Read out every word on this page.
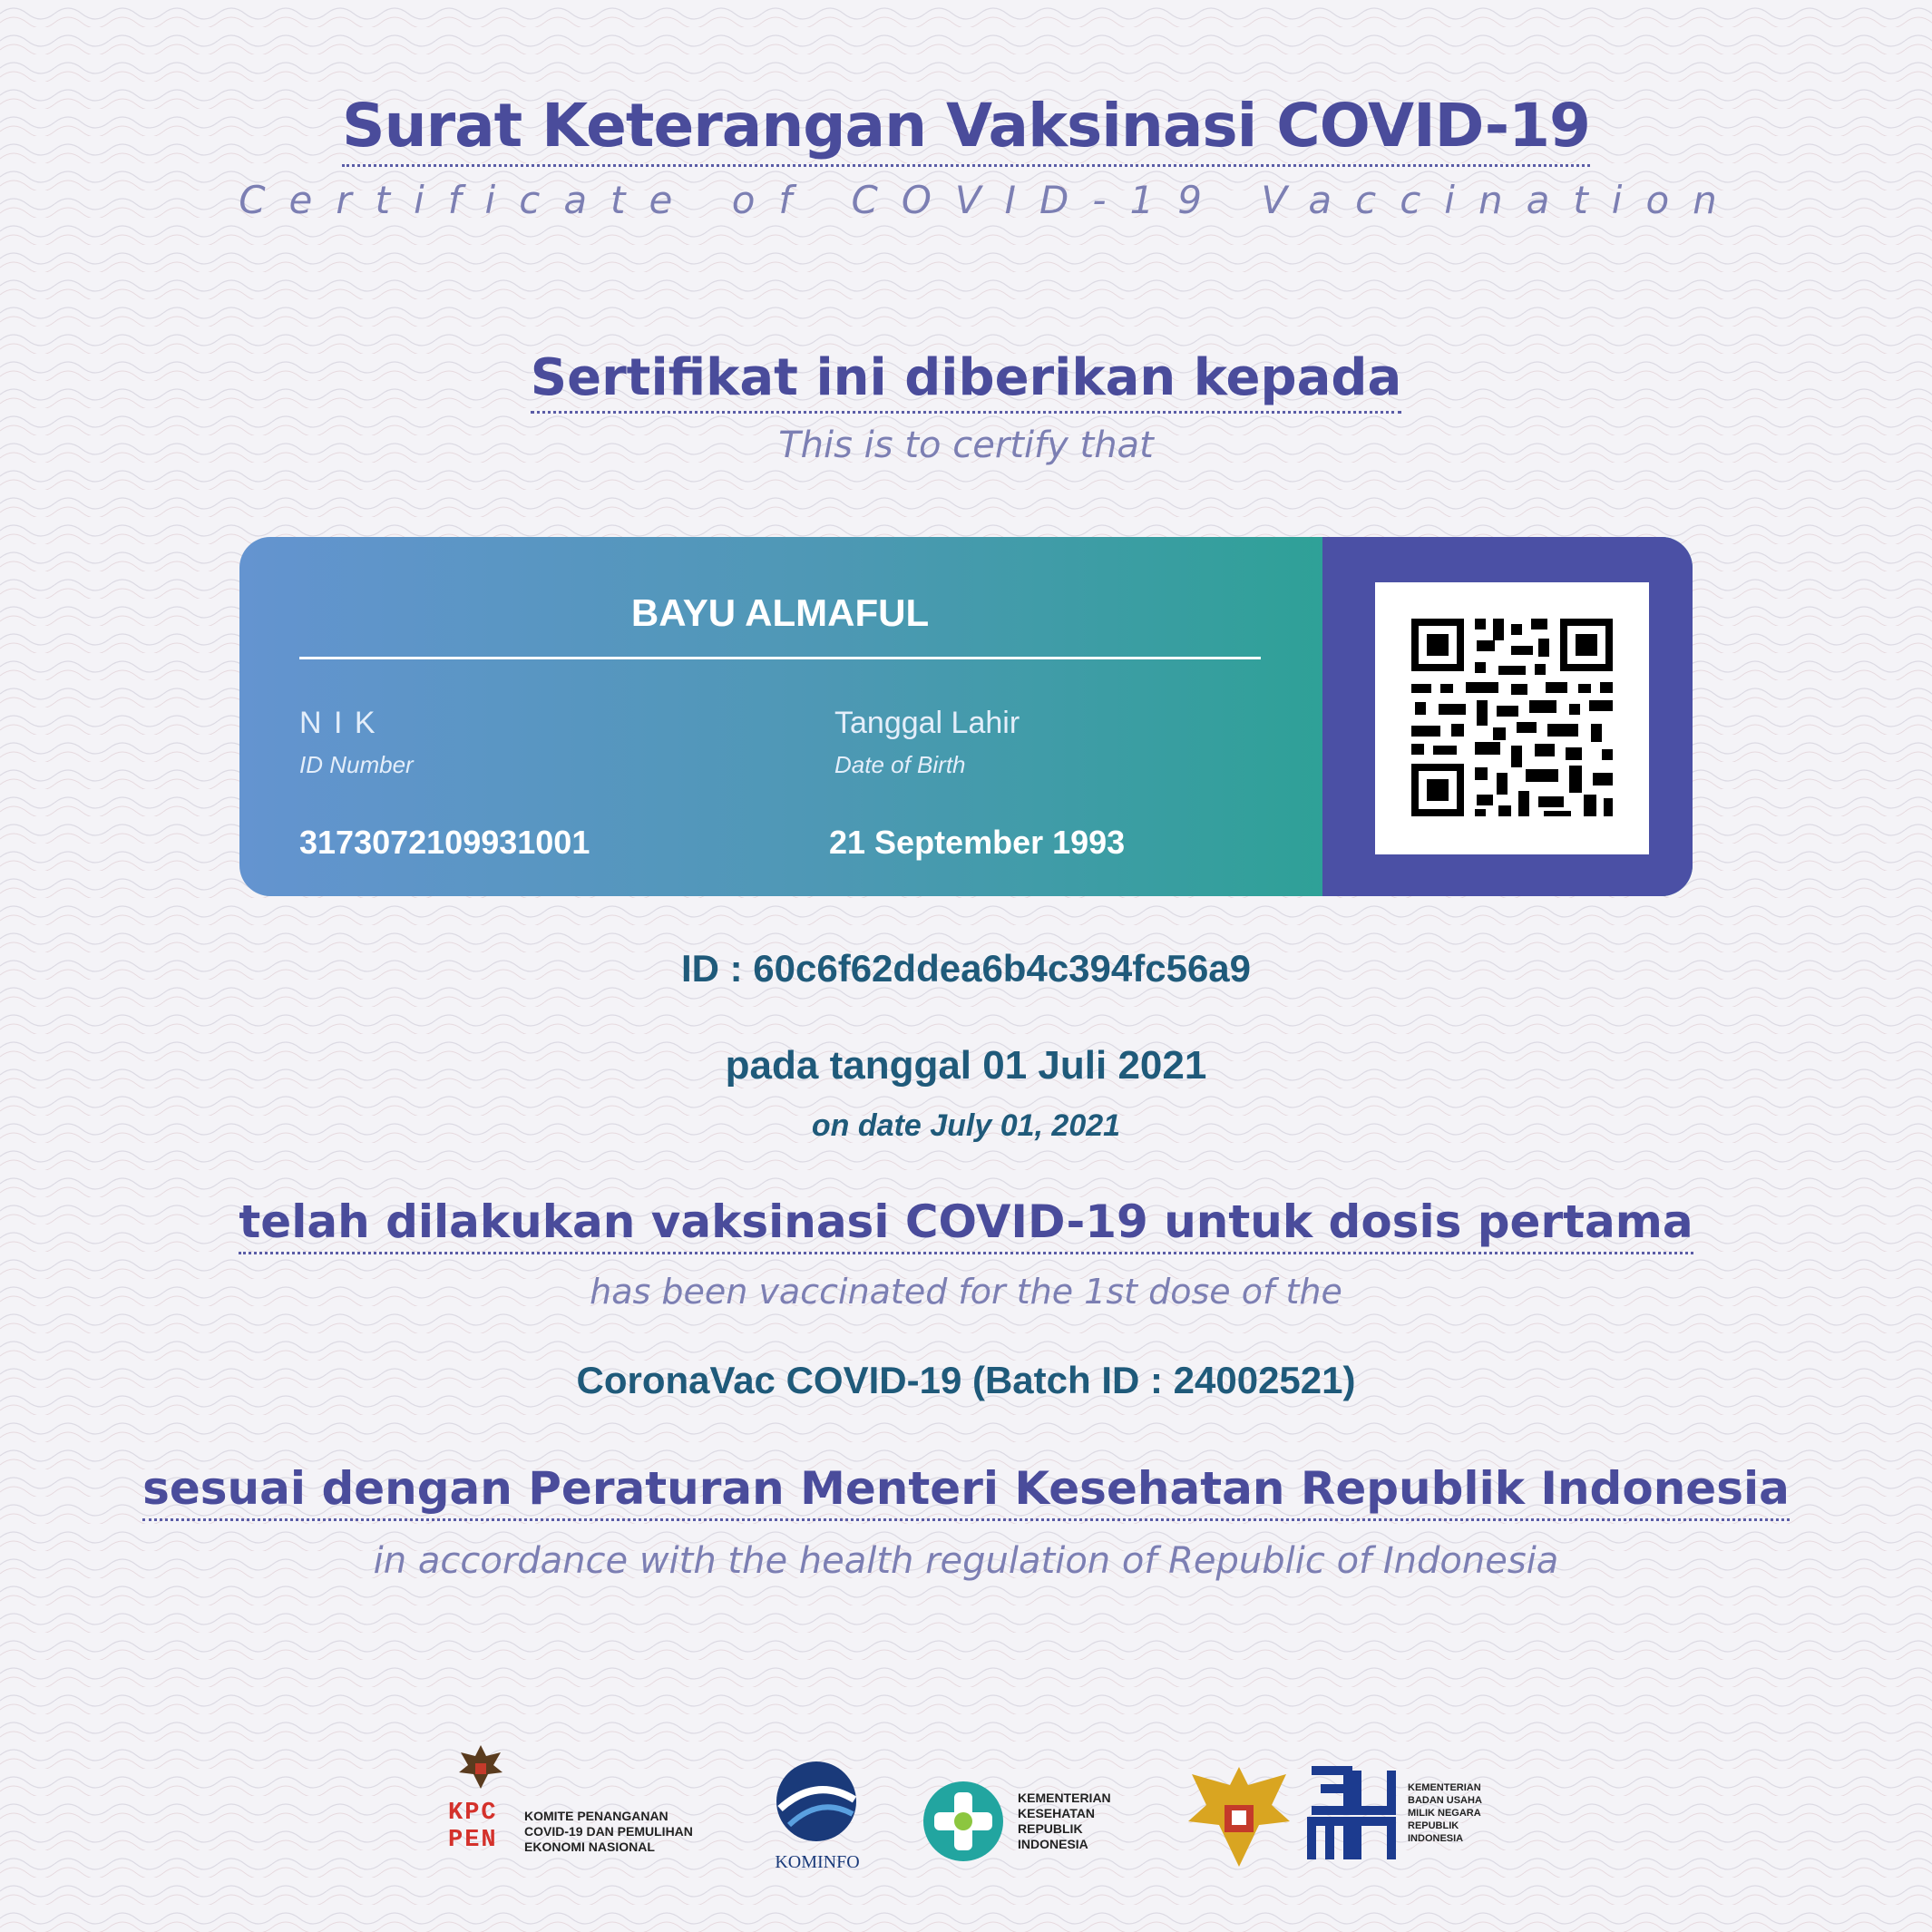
Surat Keterangan Vaksinasi COVID-19
Certificate of COVID-19 Vaccination
Sertifikat ini diberikan kepada
This is to certify that
BAYU ALMAFUL
N I K
ID Number
3173072109931001
Tanggal Lahir
Date of Birth
21 September 1993
ID : 60c6f62ddea6b4c394fc56a9
pada tanggal 01 Juli 2021
on date July 01, 2021
telah dilakukan vaksinasi COVID-19 untuk dosis pertama
has been vaccinated for the 1st dose of the
CoronaVac COVID-19 (Batch ID : 24002521)
sesuai dengan Peraturan Menteri Kesehatan Republik Indonesia
in accordance with the health regulation of Republic of Indonesia
KPC
PEN
KOMITE PENANGANAN
COVID-19 DAN PEMULIHAN
EKONOMI NASIONAL
KOMINFO
KEMENTERIAN
KESEHATAN
REPUBLIK
INDONESIA
KEMENTERIAN
BADAN USAHA
MILIK NEGARA
REPUBLIK
INDONESIA
